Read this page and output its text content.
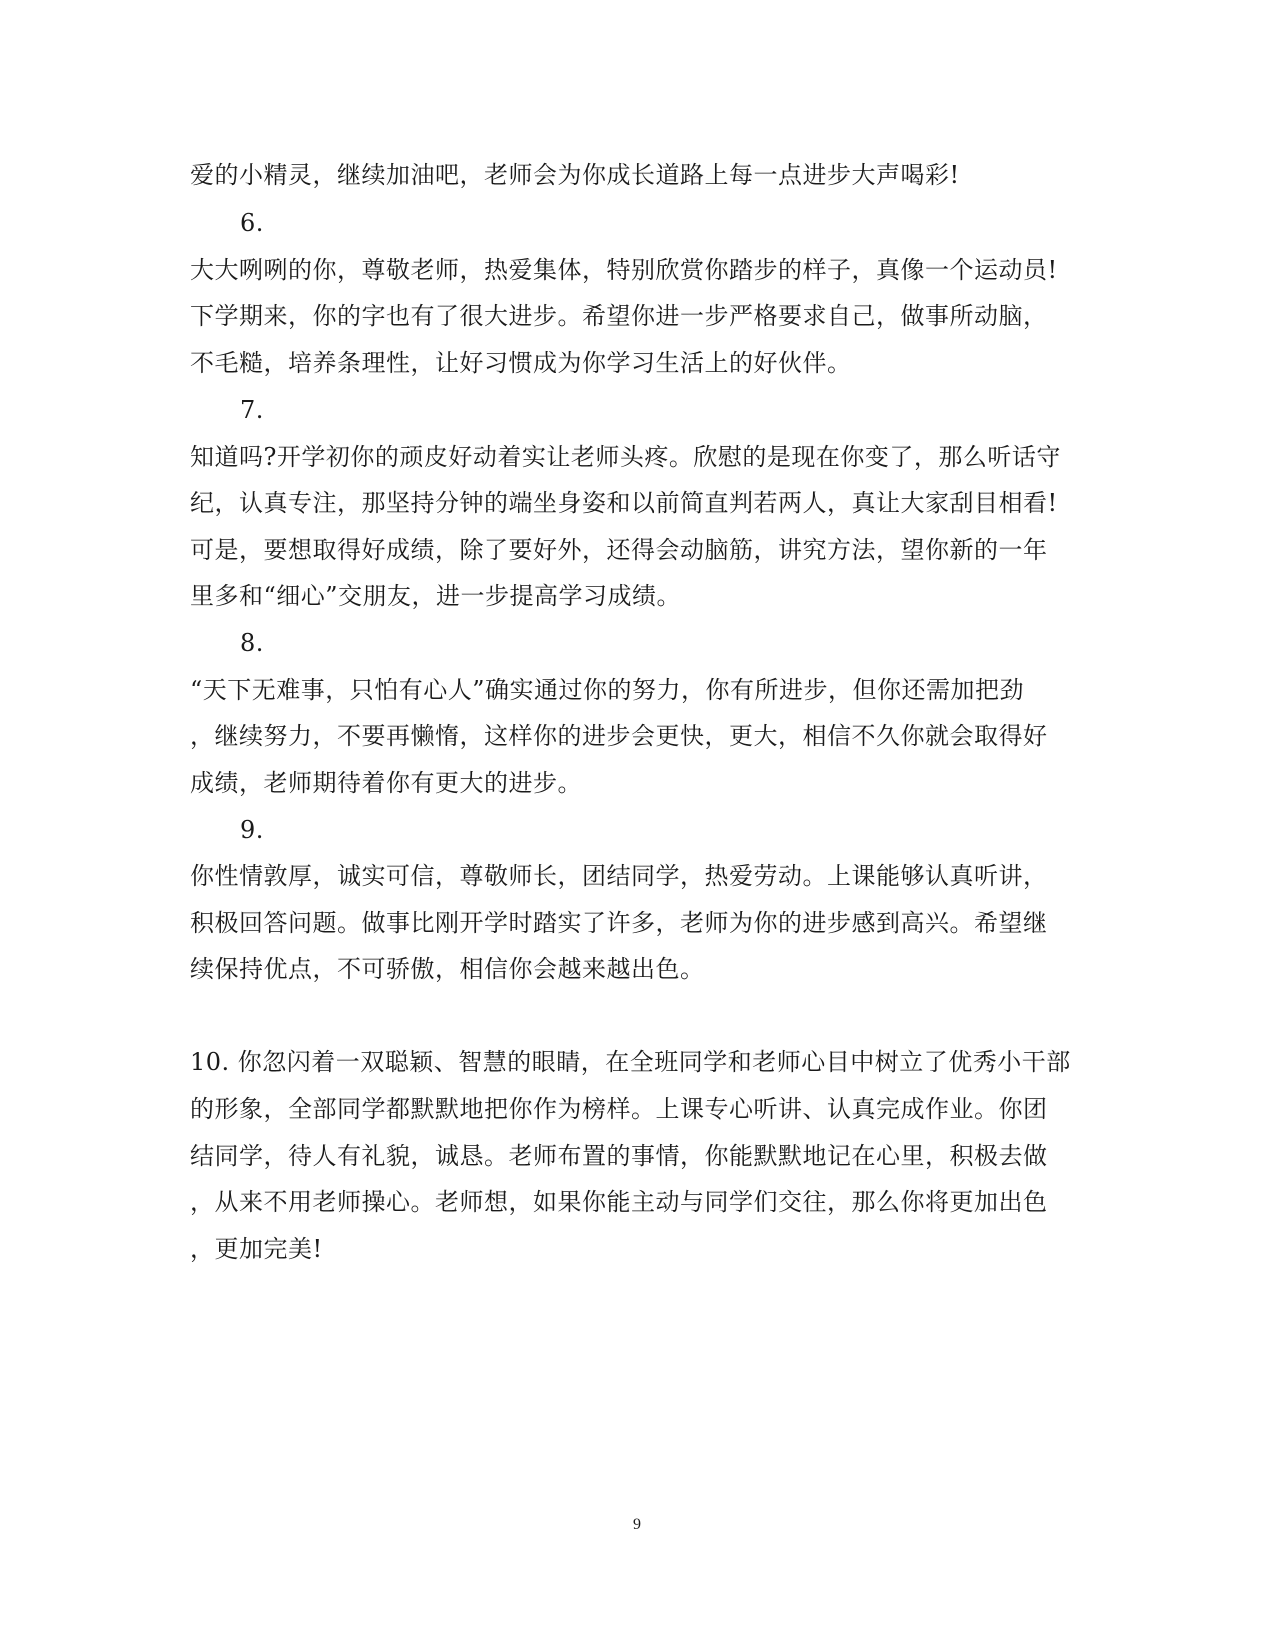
爱的小精灵，继续加油吧，老师会为你成长道路上每一点进步大声喝彩!
6.
大大咧咧的你，尊敬老师，热爱集体，特别欣赏你踏步的样子，真像一个运动员!
下学期来，你的字也有了很大进步。希望你进一步严格要求自己，做事所动脑，
不毛糙，培养条理性，让好习惯成为你学习生活上的好伙伴。
7.
知道吗?开学初你的顽皮好动着实让老师头疼。欣慰的是现在你变了，那么听话守
纪，认真专注，那坚持分钟的端坐身姿和以前简直判若两人，真让大家刮目相看!
可是，要想取得好成绩，除了要好外，还得会动脑筋，讲究方法，望你新的一年
里多和“细心”交朋友，进一步提高学习成绩。
8.
“天下无难事，只怕有心人”确实通过你的努力，你有所进步，但你还需加把劲
，继续努力，不要再懒惰，这样你的进步会更快，更大，相信不久你就会取得好
成绩，老师期待着你有更大的进步。
9.
你性情敦厚，诚实可信，尊敬师长，团结同学，热爱劳动。上课能够认真听讲，
积极回答问题。做事比刚开学时踏实了许多，老师为你的进步感到高兴。希望继
续保持优点，不可骄傲，相信你会越来越出色。
10. 你忽闪着一双聪颖、智慧的眼睛，在全班同学和老师心目中树立了优秀小干部
的形象，全部同学都默默地把你作为榜样。上课专心听讲、认真完成作业。你团
结同学，待人有礼貌，诚恳。老师布置的事情，你能默默地记在心里，积极去做
，从来不用老师操心。老师想，如果你能主动与同学们交往，那么你将更加出色
，更加完美!
9
